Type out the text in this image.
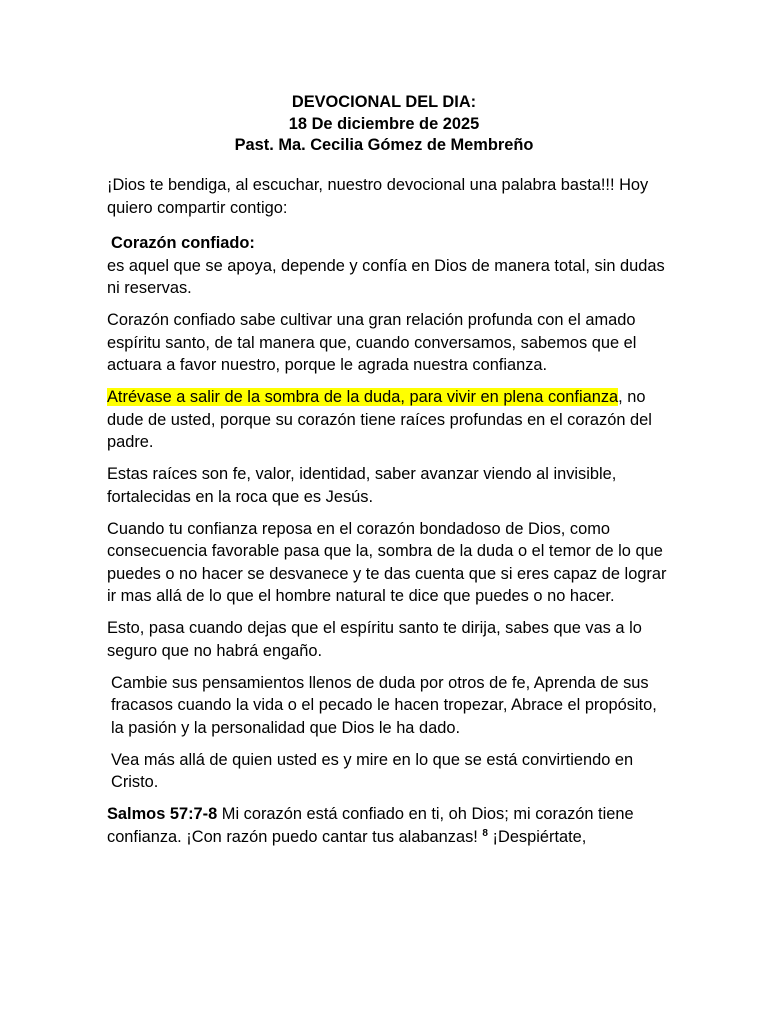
DEVOCIONAL DEL DIA:
18 De diciembre de 2025
Past. Ma. Cecilia Gómez de Membreño

¡Dios te bendiga, al escuchar, nuestro devocional una palabra basta!!! Hoy quiero compartir contigo:

Corazón confiado:

es aquel que se apoya, depende y confía en Dios de manera total, sin dudas ni reservas.

Corazón confiado sabe cultivar una gran relación profunda con el amado espíritu santo, de tal manera que, cuando conversamos, sabemos que el actuara a favor nuestro, porque le agrada nuestra confianza.

Atrévase a salir de la sombra de la duda, para vivir en plena confianza, no dude de usted, porque su corazón tiene raíces profundas en el corazón del padre.

Estas raíces son fe, valor, identidad, saber avanzar viendo al invisible, fortalecidas en la roca que es Jesús.

Cuando tu confianza reposa en el corazón bondadoso de Dios, como consecuencia favorable pasa que la, sombra de la duda o el temor de lo que puedes o no hacer se desvanece y te das cuenta que si eres capaz de lograr ir mas allá de lo que el hombre natural te dice que puedes o no hacer.

Esto, pasa cuando dejas que el espíritu santo te dirija, sabes que vas a lo seguro que no habrá engaño.

Cambie sus pensamientos llenos de duda por otros de fe, Aprenda de sus fracasos cuando la vida o el pecado le hacen tropezar, Abrace el propósito, la pasión y la personalidad que Dios le ha dado.

Vea más allá de quien usted es y mire en lo que se está convirtiendo en Cristo.

Salmos 57:7-8 Mi corazón está confiado en ti, oh Dios; mi corazón tiene confianza. ¡Con razón puedo cantar tus alabanzas! $^8$ ¡Despiértate,
